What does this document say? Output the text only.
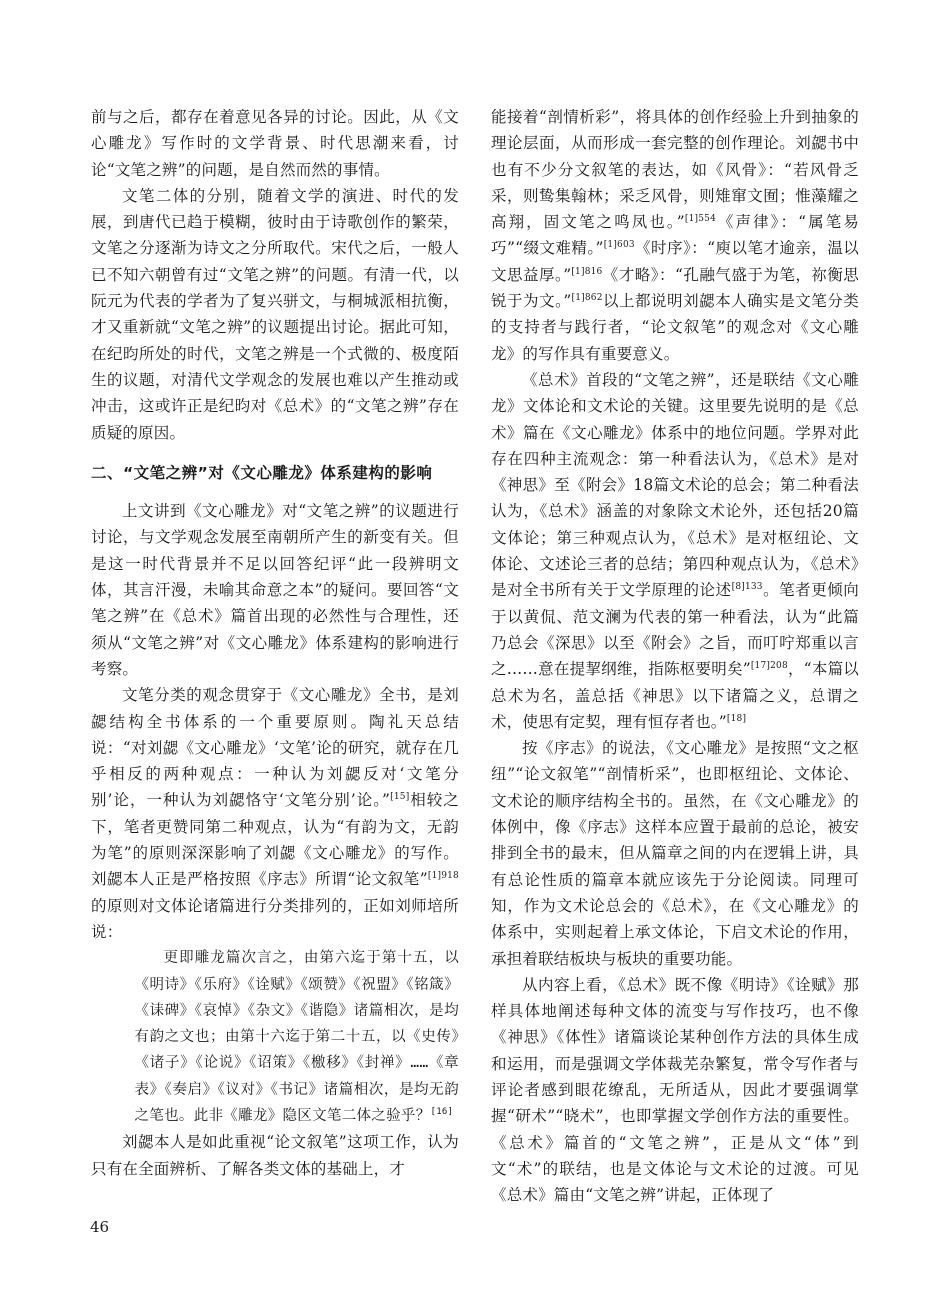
前与之后，都存在着意见各异的讨论。因此，从《文心雕龙》写作时的文学背景、时代思潮来看，讨论“文笔之辨”的问题，是自然而然的事情。

文笔二体的分别，随着文学的演进、时代的发展，到唐代已趋于模糊，彼时由于诗歌创作的繁荣，文笔之分逐渐为诗文之分所取代。宋代之后，一般人已不知六朝曾有过“文笔之辨”的问题。有清一代，以阮元为代表的学者为了复兴骈文，与桐城派相抗衡，才又重新就“文笔之辨”的议题提出讨论。据此可知，在纪昀所处的时代，文笔之辨是一个式微的、极度陌生的议题，对清代文学观念的发展也难以产生推动或冲击，这或许正是纪昀对《总术》的“文笔之辨”存在质疑的原因。

二、“文笔之辨”对《文心雕龙》体系建构的影响

上文讲到《文心雕龙》对“文笔之辨”的议题进行讨论，与文学观念发展至南朝所产生的新变有关。但是这一时代背景并不足以回答纪评“此一段辨明文体，其言汗漫，未喻其命意之本”的疑问。要回答“文笔之辨”在《总术》篇首出现的必然性与合理性，还须从“文笔之辨”对《文心雕龙》体系建构的影响进行考察。

文笔分类的观念贯穿于《文心雕龙》全书，是刘勰结构全书体系的一个重要原则。陶礼天总结说：“对刘勰《文心雕龙》‘文笔’论的研究，就存在几乎相反的两种观点：一种认为刘勰反对‘文笔分别’论，一种认为刘勰恪守‘文笔分别’论。”[15]相较之下，笔者更赞同第二种观点，认为“有韵为文，无韵为笔”的原则深深影响了刘勰《文心雕龙》的写作。刘勰本人正是严格按照《序志》所谓“论文叙笔”$^{[1]918}$的原则对文体论诸篇进行分类排列的，正如刘师培所说：

更即雕龙篇次言之，由第六迄于第十五，以《明诗》《乐府》《诠赋》《颂赞》《祝盟》《铭箴》《诔碑》《哀悼》《杂文》《谐隐》诸篇相次，是均有韵之文也；由第十六迄于第二十五，以《史传》《诸子》《论说》《诏策》《檄移》《封禅》……《章表》《奏启》《议对》《书记》诸篇相次，是均无韵之笔也。此非《雕龙》隐区文笔二体之验乎？[16]

刘勰本人是如此重视“论文叙笔”这项工作，认为只有在全面辨析、了解各类文体的基础上，才

能接着“剖情析彩”，将具体的创作经验上升到抽象的理论层面，从而形成一套完整的创作理论。刘勰书中也有不少分文叙笔的表达，如《风骨》：“若风骨乏采，则鸷集翰林；采乏风骨，则雉窜文囿；惟藻耀之高翔，固文笔之鸣凤也。”$^{[1]554}$《声律》：“属笔易巧”“缀文难精。”$^{[1]603}$《时序》：“庾以笔才逾亲，温以文思益厚。”$^{[1]816}$《才略》：“孔融气盛于为笔，祢衡思锐于为文。”$^{[1]862}$以上都说明刘勰本人确实是文笔分类的支持者与践行者，“论文叙笔”的观念对《文心雕龙》的写作具有重要意义。

《总术》首段的“文笔之辨”，还是联结《文心雕龙》文体论和文术论的关键。这里要先说明的是《总术》篇在《文心雕龙》体系中的地位问题。学界对此存在四种主流观念：第一种看法认为，《总术》是对《神思》至《附会》18篇文术论的总会；第二种看法认为，《总术》涵盖的对象除文术论外，还包括20篇文体论；第三种观点认为，《总术》是对枢纽论、文体论、文述论三者的总结；第四种观点认为，《总术》是对全书所有关于文学原理的论述$^{[8]133}$。笔者更倾向于以黄侃、范文澜为代表的第一种看法，认为“此篇乃总会《深思》以至《附会》之旨，而叮咛郑重以言之……意在提挈纲维，指陈枢要明矣”$^{[17]208}$，“本篇以总术为名，盖总括《神思》以下诸篇之义，总谓之术，使思有定契，理有恒存者也。”[18]

按《序志》的说法，《文心雕龙》是按照“文之枢纽”“论文叙笔”“剖情析采”，也即枢纽论、文体论、文术论的顺序结构全书的。虽然，在《文心雕龙》的体例中，像《序志》这样本应置于最前的总论，被安排到全书的最末，但从篇章之间的内在逻辑上讲，具有总论性质的篇章本就应该先于分论阅读。同理可知，作为文术论总会的《总术》，在《文心雕龙》的体系中，实则起着上承文体论，下启文术论的作用，承担着联结板块与板块的重要功能。

从内容上看，《总术》既不像《明诗》《诠赋》那样具体地阐述每种文体的流变与写作技巧，也不像《神思》《体性》诸篇谈论某种创作方法的具体生成和运用，而是强调文学体裁芜杂繁复，常令写作者与评论者感到眼花缭乱，无所适从，因此才要强调掌握“研术”“晓术”，也即掌握文学创作方法的重要性。《总术》篇首的“文笔之辨”，正是从文“体”到文“术”的联结，也是文体论与文术论的过渡。可见《总术》篇由“文笔之辨”讲起，正体现了

46
